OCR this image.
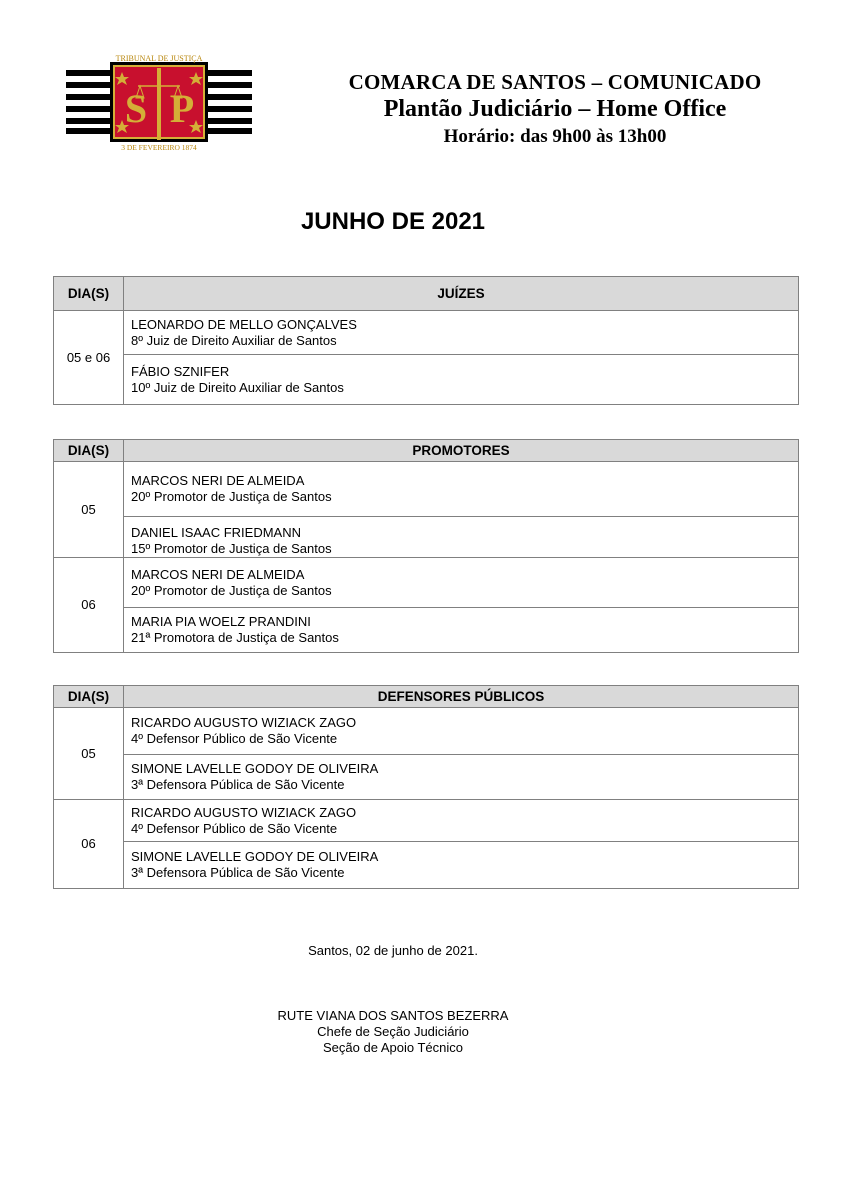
S P
TRIBUNAL DE JUSTIÇA
3 DE FEVEREIRO 1874
COMARCA DE SANTOS – COMUNICADO
Plantão Judiciário – Home Office
Horário: das 9h00 às 13h00
JUNHO DE 2021
DIA(S)	JUÍZES
05 e 06	LEONARDO DE MELLO GONÇALVES
8º Juiz de Direito Auxiliar de Santos

	FÁBIO SZNIFER
10º Juiz de Direito Auxiliar de Santos
DIA(S)	PROMOTORES
05	MARCOS NERI DE ALMEIDA
20º Promotor de Justiça de Santos

	DANIEL ISAAC FRIEDMANN
15º Promotor de Justiça de Santos

06	MARCOS NERI DE ALMEIDA
20º Promotor de Justiça de Santos

	MARIA PIA WOELZ PRANDINI
21ª Promotora de Justiça de Santos
DIA(S)	DEFENSORES PÚBLICOS
05	RICARDO AUGUSTO WIZIACK ZAGO
4º Defensor Público de São Vicente

	SIMONE LAVELLE GODOY DE OLIVEIRA
3ª Defensora Pública de São Vicente

06	RICARDO AUGUSTO WIZIACK ZAGO
4º Defensor Público de São Vicente

	SIMONE LAVELLE GODOY DE OLIVEIRA
3ª Defensora Pública de São Vicente
Santos, 02 de junho de 2021.
RUTE VIANA DOS SANTOS BEZERRA
Chefe de Seção Judiciário
Seção de Apoio Técnico
